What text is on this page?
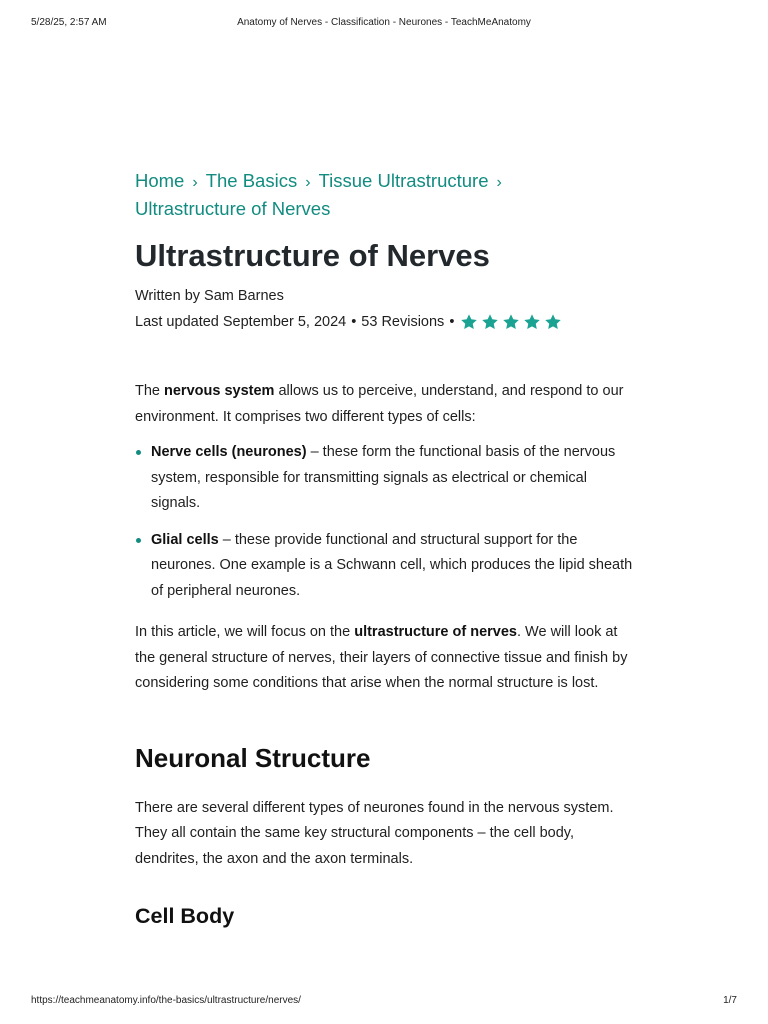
5/28/25, 2:57 AM	Anatomy of Nerves - Classification - Neurones - TeachMeAnatomy
Home › The Basics › Tissue Ultrastructure ›
Ultrastructure of Nerves
Ultrastructure of Nerves
Written by Sam Barnes
Last updated September 5, 2024 • 53 Revisions •

The nervous system allows us to perceive, understand, and respond to our environment. It comprises two different types of cells:

Nerve cells (neurones) – these form the functional basis of the nervous system, responsible for transmitting signals as electrical or chemical signals.
Glial cells – these provide functional and structural support for the neurones. One example is a Schwann cell, which produces the lipid sheath of peripheral neurones.

In this article, we will focus on the ultrastructure of nerves. We will look at the general structure of nerves, their layers of connective tissue and finish by considering some conditions that arise when the normal structure is lost.

Neuronal Structure

There are several different types of neurones found in the nervous system. They all contain the same key structural components – the cell body, dendrites, the axon and the axon terminals.

Cell Body
https://teachmeanatomy.info/the-basics/ultrastructure/nerves/	1/7
